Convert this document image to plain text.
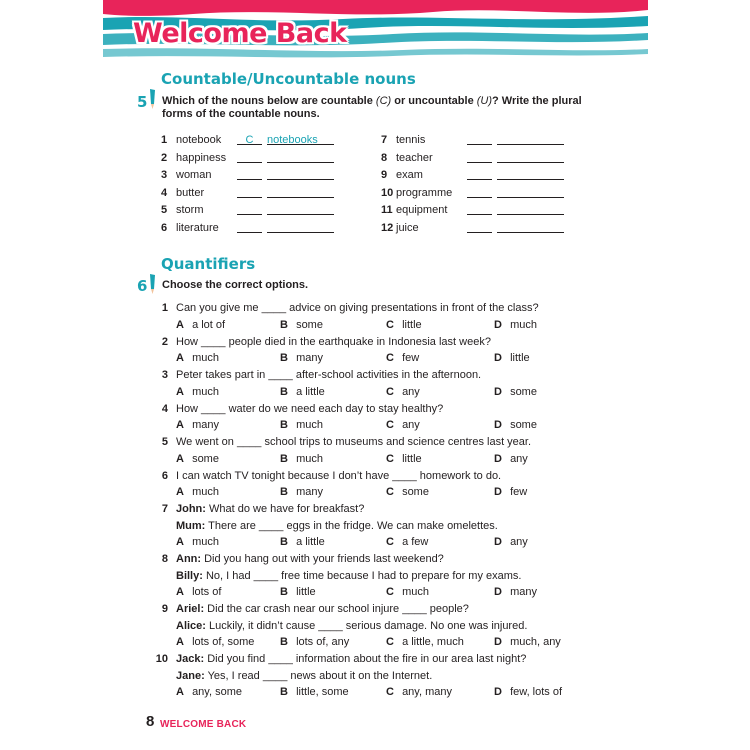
Welcome Back
Countable/Uncountable nouns
5 Which of the nouns below are countable (C) or uncountable (U)? Write the plural
forms of the countable nouns.
1 notebook	C	notebooks
2 happiness
3 woman
4 butter
5 storm
6 literature
7 tennis
8 teacher
9 exam
10 programme
11 equipment
12 juice
Quantifiers
6 Choose the correct options.
1 Can you give me ____ advice on giving presentations in front of the class?
A a lot of	B some	C little	D much
2 How ____ people died in the earthquake in Indonesia last week?
A much	B many	C few	D little
3 Peter takes part in ____ after-school activities in the afternoon.
A much	B a little	C any	D some
4 How ____ water do we need each day to stay healthy?
A many	B much	C any	D some
5 We went on ____ school trips to museums and science centres last year.
A some	B much	C little	D any
6 I can watch TV tonight because I don’t have ____ homework to do.
A much	B many	C some	D few
7 John: What do we have for breakfast?
Mum: There are ____ eggs in the fridge. We can make omelettes.
A much	B a little	C a few	D any
8 Ann: Did you hang out with your friends last weekend?
Billy: No, I had ____ free time because I had to prepare for my exams.
A lots of	B little	C much	D many
9 Ariel: Did the car crash near our school injure ____ people?
Alice: Luckily, it didn’t cause ____ serious damage. No one was injured.
A lots of, some B lots of, any	C a little, much	D much, any
10 Jack: Did you find ____ information about the fire in our area last night?
Jane: Yes, I read ____ news about it on the Internet.
A any, some	B little, some	C any, many	D few, lots of
8 WELCOME BACK
